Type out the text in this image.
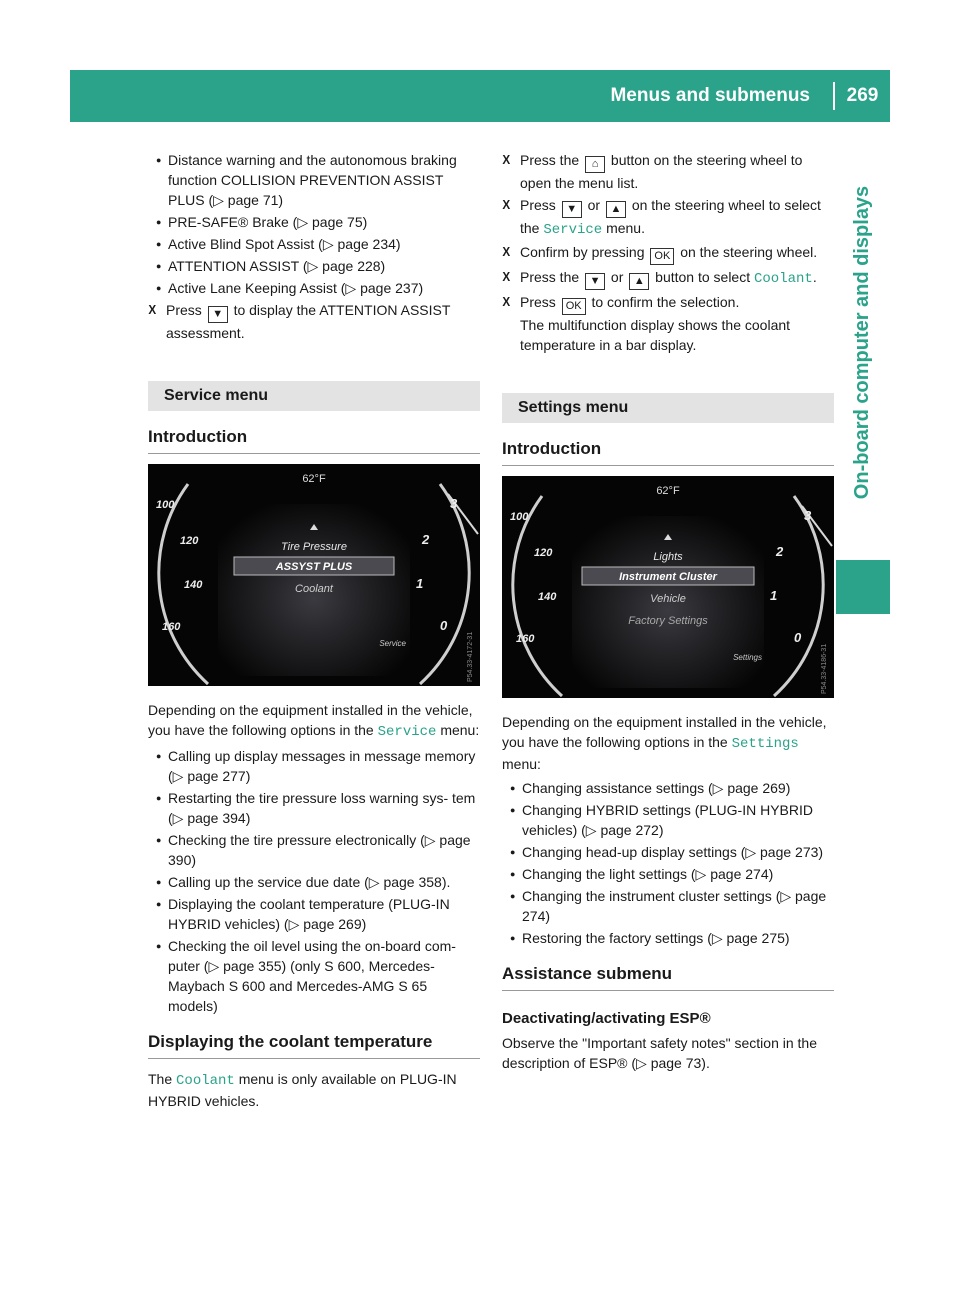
Menus and submenus	269
On-board computer and displays
● Distance warning and the autonomous braking function COLLISION PREVENTION ASSIST PLUS (▷ page 71)
● PRE-SAFE® Brake (▷ page 75)
● Active Blind Spot Assist (▷ page 234)
● ATTENTION ASSIST (▷ page 228)
● Active Lane Keeping Assist (▷ page 237)
X Press ▼ to display the ATTENTION ASSIST assessment.
Service menu
Introduction
62°F
100
120
140
160
3
2
1
0
Tire Pressure
ASSYST PLUS
Coolant
Service	P54.33-4172-31

Depending on the equipment installed in the vehicle, you have the following options in the Service menu:

● Calling up display messages in message memory (▷ page 277)
● Restarting the tire pressure loss warning sys- tem (▷ page 394)
● Checking the tire pressure electronically (▷ page 390)
● Calling up the service due date (▷ page 358).
● Displaying the coolant temperature (PLUG-IN HYBRID vehicles) (▷ page 269)
● Checking the oil level using the on-board com- puter (▷ page 355) (only S 600, Mercedes- Maybach S 600 and Mercedes-AMG S 65 models)
Displaying the coolant temperature

The Coolant menu is only available on PLUG-IN HYBRID vehicles.

X Press the ⌂ button on the steering wheel to open the menu list.
X Press ▼ or ▲ on the steering wheel to select the Service menu.
X Confirm by pressing OK on the steering wheel.
X Press the ▼ or ▲ button to select Coolant.
X Press OK to confirm the selection.
The multifunction display shows the coolant temperature in a bar display.
Settings menu
Introduction
62°F
100
120
140
160
3
2
1
0
Lights
Instrument Cluster
Vehicle
Factory Settings
Settings	P54.33-4186-31

Depending on the equipment installed in the vehicle, you have the following options in the Settings menu:

● Changing assistance settings (▷ page 269)
● Changing HYBRID settings (PLUG-IN HYBRID vehicles) (▷ page 272)
● Changing head-up display settings (▷ page 273)
● Changing the light settings (▷ page 274)
● Changing the instrument cluster settings (▷ page 274)
● Restoring the factory settings (▷ page 275)
Assistance submenu
Deactivating/activating ESP®

Observe the "Important safety notes" section in the description of ESP® (▷ page 73).
